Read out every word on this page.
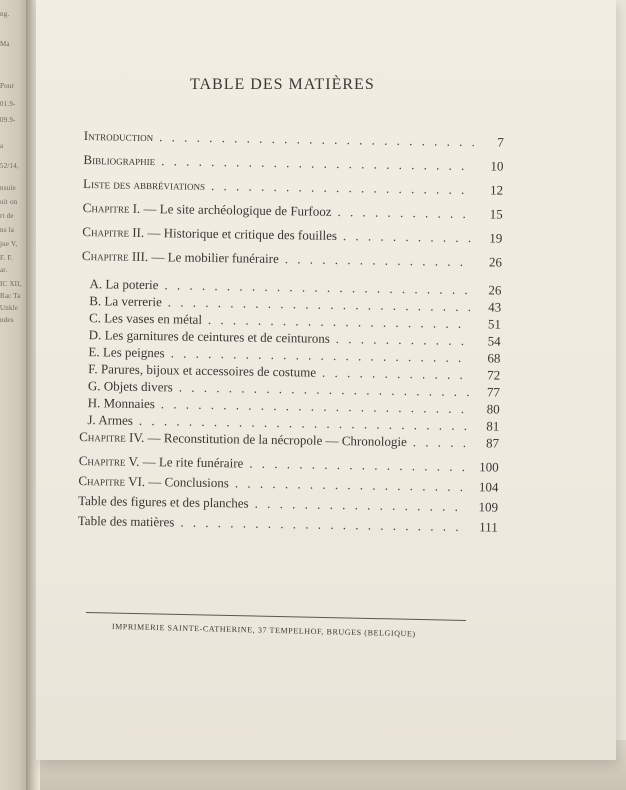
ng.
Ma
Pour
01.9-
09.9-
a
52/14,
nsuie
uit on
rt de
ns la
jue V,
F. F.
ar.
IC XII,
Rac Ta
Unkle
ndes
TABLE DES MATIÈRES
Introduction . . .	7
Bibliographie . . .	10
Liste des abbréviations . . .	12
Chapitre I. — Le site archéologique de Furfooz . . .	15
Chapitre II. — Historique et critique des fouilles . . .	19
Chapitre III. — Le mobilier funéraire . . .	26
A. La poterie . . .	26
B. La verrerie . . .	43
C. Les vases en métal . . .	51
D. Les garnitures de ceintures et de ceinturons . . .	54
E. Les peignes . . .	68
F. Parures, bijoux et accessoires de costume . . .	72
G. Objets divers . . .	77
H. Monnaies . . .	80
J. Armes . . .	81
Chapitre IV. — Reconstitution de la nécropole — Chronologie . . .	87
Chapitre V. — Le rite funéraire . . .	100
Chapitre VI. — Conclusions . . .	104
Table des figures et des planches . . .	109
Table des matières . . .	111
IMPRIMERIE SAINTE-CATHERINE, 37 TEMPELHOF, BRUGES (BELGIQUE)
